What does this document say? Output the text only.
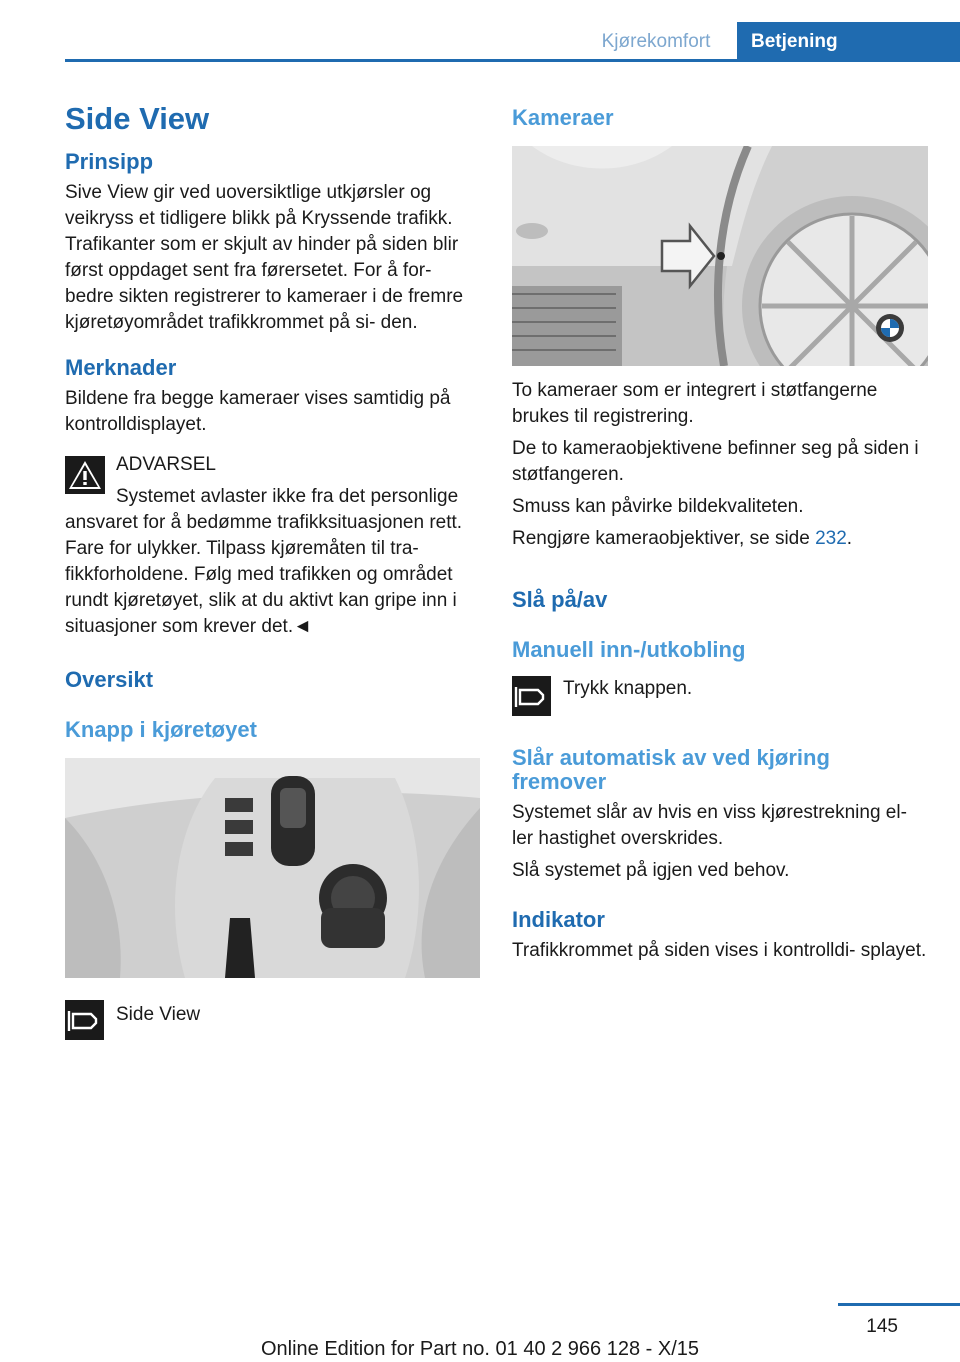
Kjørekomfort	Betjening
Side View
Prinsipp

Sive View gir ved uoversiktlige utkjørsler og veikryss et tidligere blikk på Kryssende trafikk. Trafikanter som er skjult av hinder på siden blir først oppdaget sent fra førersetet. For å for- bedre sikten registrerer to kameraer i de fremre kjøretøyområdet trafikkrommet på si- den.

Merknader

Bildene fra begge kameraer vises samtidig på kontrolldisplayet.

ADVARSEL

Systemet avlaster ikke fra det personlige

ansvaret for å bedømme trafikksituasjonen rett. Fare for ulykker. Tilpass kjøremåten til tra- fikkforholdene. Følg med trafikken og området rundt kjøretøyet, slik at du aktivt kan gripe inn i situasjoner som krever det.◄

Oversikt
Knapp i kjøretøyet

Side View

Kameraer

To kameraer som er integrert i støtfangerne brukes til registrering.

De to kameraobjektivene befinner seg på siden i støtfangeren.

Smuss kan påvirke bildekvaliteten.

Rengjøre kameraobjektiver, se side 232.

Slå på/av
Manuell inn-/utkobling

Trykk knappen.

Slår automatisk av ved kjøring fremover

Systemet slår av hvis en viss kjørestrekning el- ler hastighet overskrides.

Slå systemet på igjen ved behov.

Indikator

Trafikkrommet på siden vises i kontrolldi- splayet.

145
Online Edition for Part no. 01 40 2 966 128 - X/15
